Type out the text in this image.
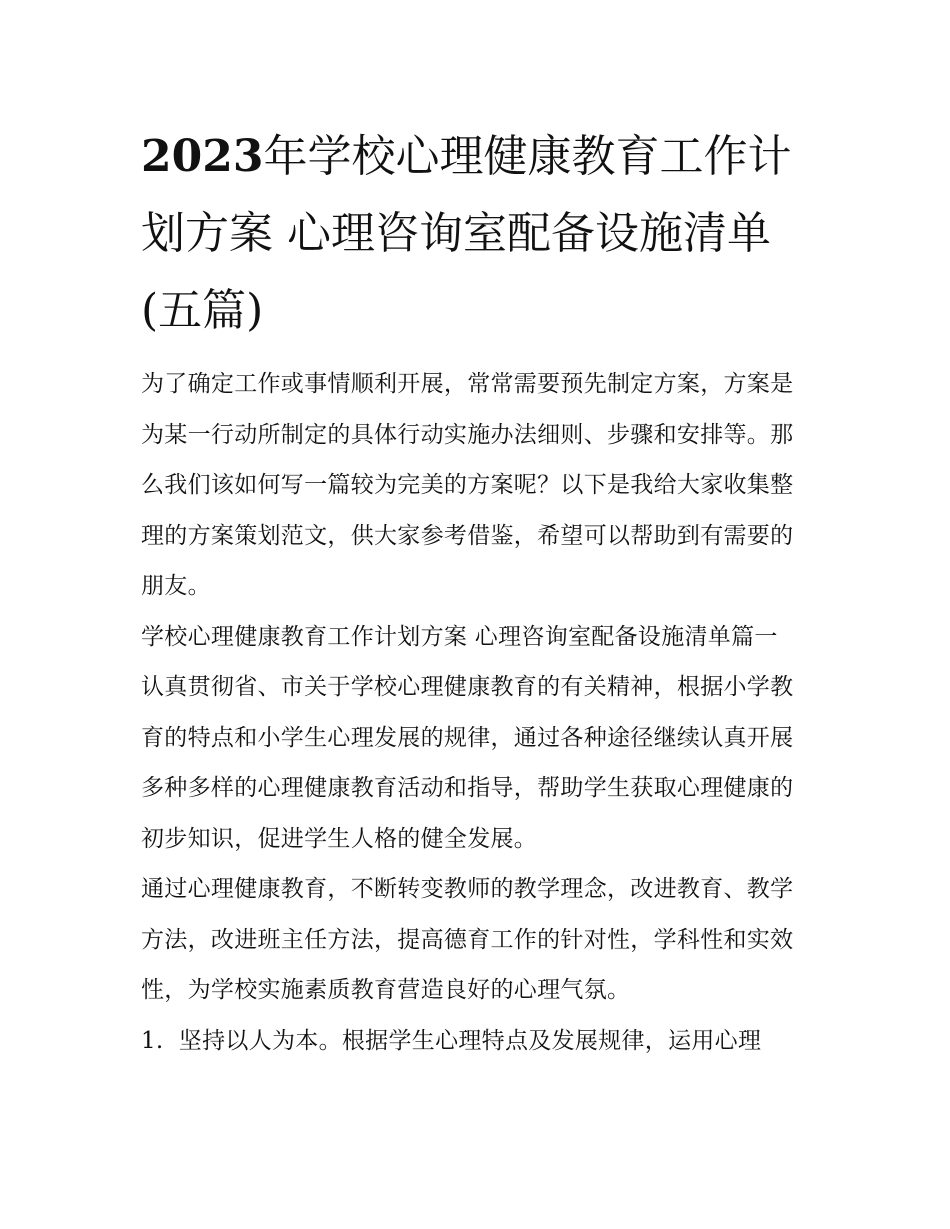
2023年学校心理健康教育工作计划方案 心理咨询室配备设施清单(五篇)

为了确定工作或事情顺利开展，常常需要预先制定方案，方案是为某一行动所制定的具体行动实施办法细则、步骤和安排等。那么我们该如何写一篇较为完美的方案呢？以下是我给大家收集整理的方案策划范文，供大家参考借鉴，希望可以帮助到有需要的朋友。

学校心理健康教育工作计划方案 心理咨询室配备设施清单篇一

认真贯彻省、市关于学校心理健康教育的有关精神，根据小学教育的特点和小学生心理发展的规律，通过各种途径继续认真开展多种多样的心理健康教育活动和指导，帮助学生获取心理健康的初步知识，促进学生人格的健全发展。

通过心理健康教育，不断转变教师的教学理念，改进教育、教学方法，改进班主任方法，提高德育工作的针对性，学科性和实效性，为学校实施素质教育营造良好的心理气氛。

1. 坚持以人为本。根据学生心理特点及发展规律，运用心理
